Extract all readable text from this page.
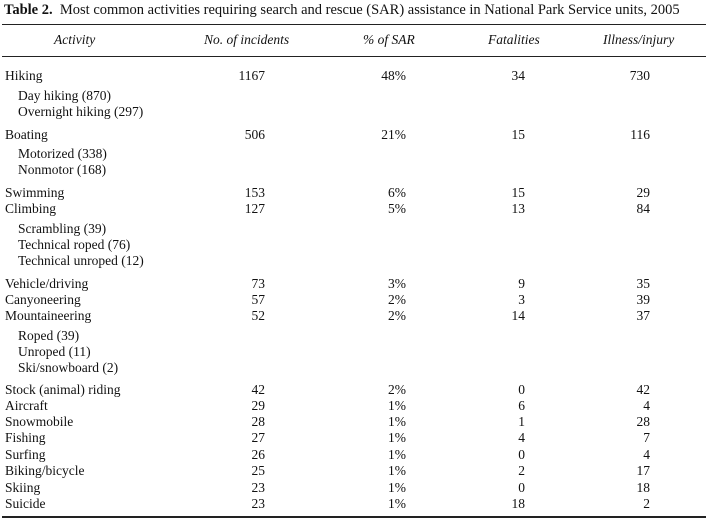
Table 2. Most common activities requiring search and rescue (SAR) assistance in National Park Service units, 2005
Activity	No. of incidents	% of SAR	Fatalities	Illness/injury
Hiking	1167	48%	34	730
Day hiking (870)
Overnight hiking (297)
Boating	506	21%	15	116
Motorized (338)
Nonmotor (168)
Swimming	153	6%	15	29
Climbing	127	5%	13	84
Scrambling (39)
Technical roped (76)
Technical unroped (12)
Vehicle/driving	73	3%	9	35
Canyoneering	57	2%	3	39
Mountaineering	52	2%	14	37
Roped (39)
Unroped (11)
Ski/snowboard (2)
Stock (animal) riding	42	2%	0	42
Aircraft	29	1%	6	4
Snowmobile	28	1%	1	28
Fishing	27	1%	4	7
Surfing	26	1%	0	4
Biking/bicycle	25	1%	2	17
Skiing	23	1%	0	18
Suicide	23	1%	18	2
